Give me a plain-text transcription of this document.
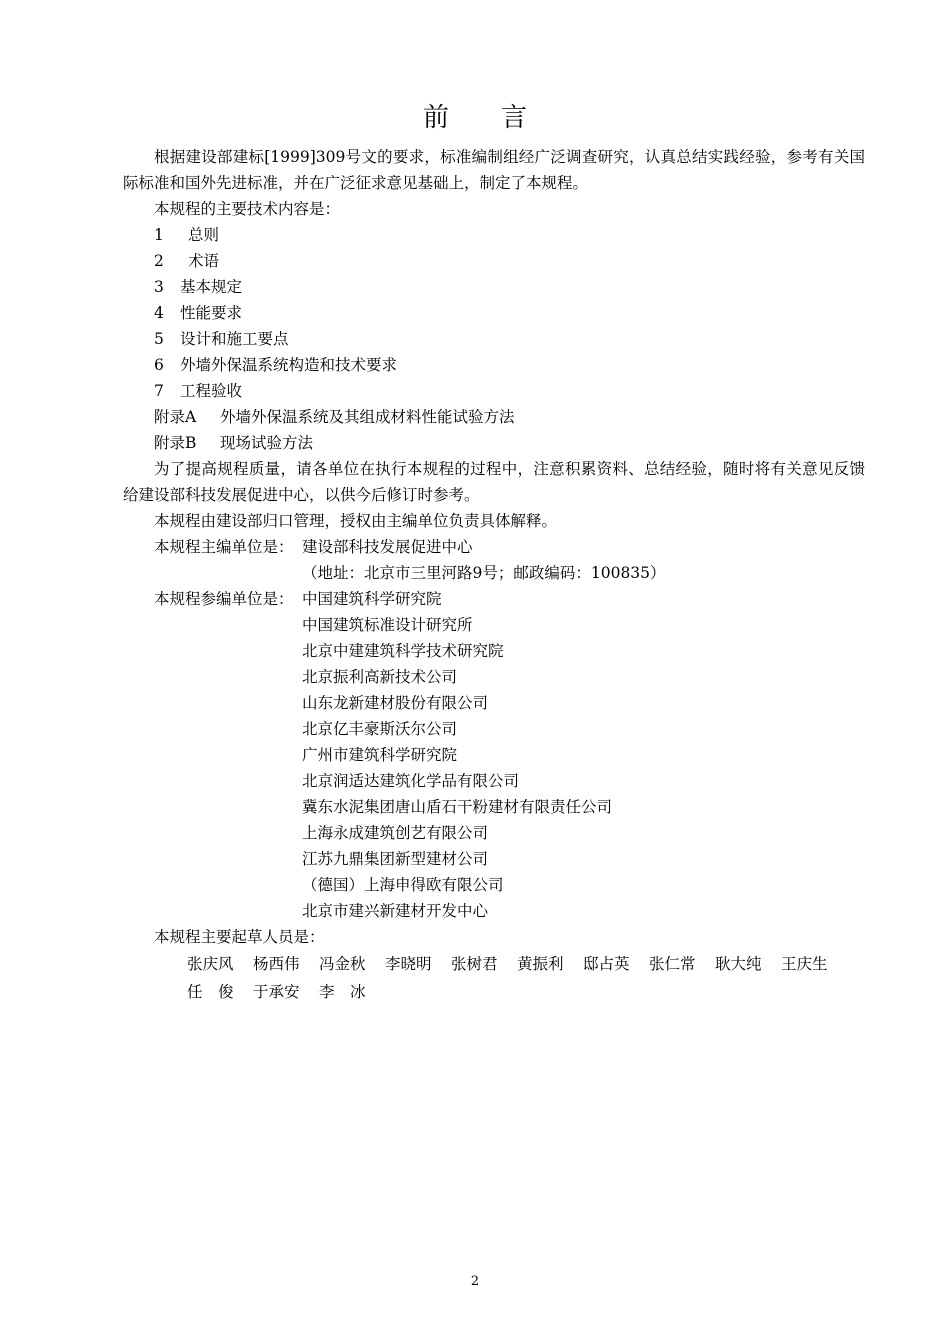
前言
根据建设部建标[1999]309号文的要求，标准编制组经广泛调查研究，认真总结实践经验，参考有关国际标准和国外先进标准，并在广泛征求意见基础上，制定了本规程。
本规程的主要技术内容是：
1 总则
2 术语
3 基本规定
4 性能要求
5 设计和施工要点
6 外墙外保温系统构造和技术要求
7 工程验收
附录A 外墙外保温系统及其组成材料性能试验方法
附录B 现场试验方法
为了提高规程质量，请各单位在执行本规程的过程中，注意积累资料、总结经验，随时将有关意见反馈给建设部科技发展促进中心，以供今后修订时参考。
本规程由建设部归口管理，授权由主编单位负责具体解释。
本规程主编单位是： 建设部科技发展促进中心
（地址：北京市三里河路9号；邮政编码：100835）
本规程参编单位是： 中国建筑科学研究院
中国建筑标准设计研究所
北京中建建筑科学技术研究院
北京振利高新技术公司
山东龙新建材股份有限公司
北京亿丰豪斯沃尔公司
广州市建筑科学研究院
北京润适达建筑化学品有限公司
冀东水泥集团唐山盾石干粉建材有限责任公司
上海永成建筑创艺有限公司
江苏九鼎集团新型建材公司
（德国）上海申得欧有限公司
北京市建兴新建材开发中心
本规程主要起草人员是：
张庆风 杨西伟 冯金秋 李晓明 张树君 黄振利 邸占英 张仁常 耿大纯 王庆生
任　俊 于承安 李　冰
2
